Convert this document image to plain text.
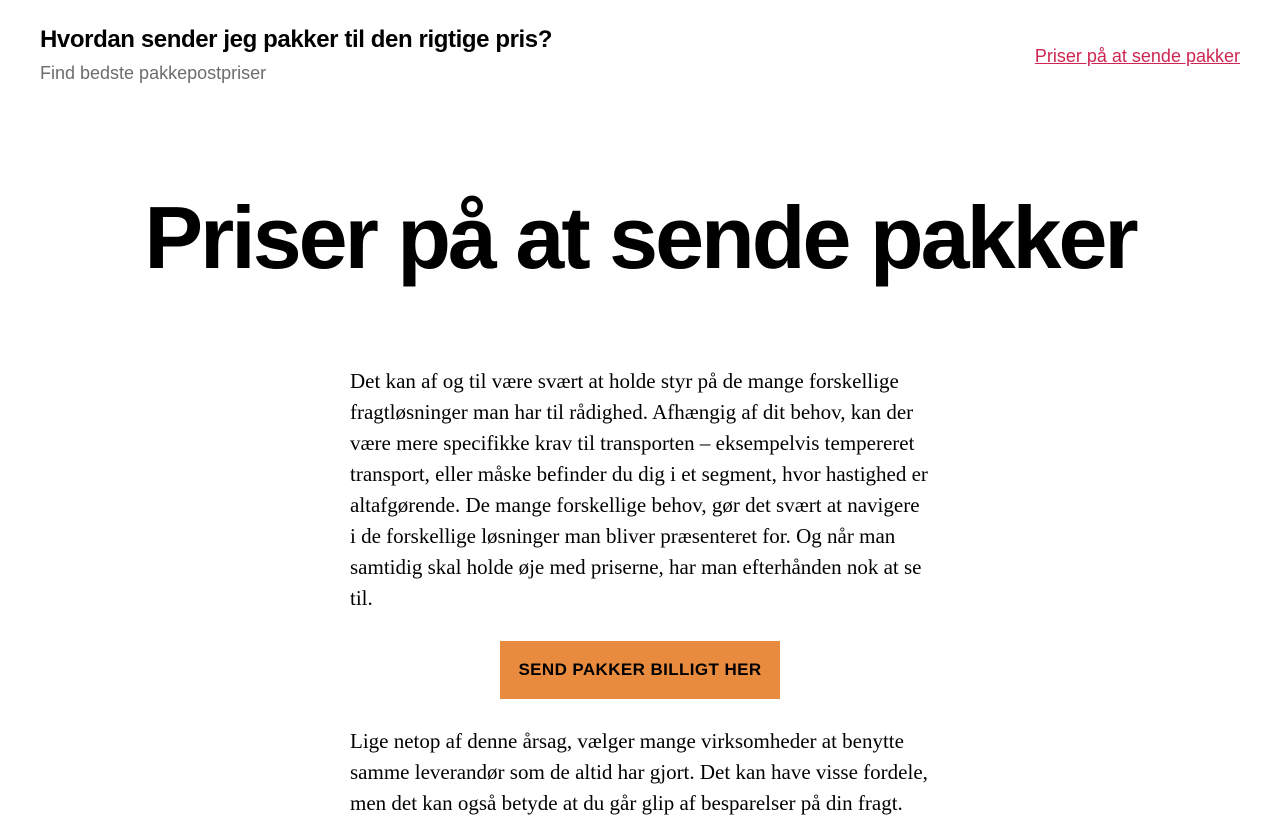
Hvordan sender jeg pakker til den rigtige pris?

Find bedste pakkepostpriser

Priser på at sende pakker
Priser på at sende pakker

Det kan af og til være svært at holde styr på de mange forskellige fragtløsninger man har til rådighed. Afhængig af dit behov, kan der være mere specifikke krav til transporten – eksempelvis tempereret transport, eller måske befinder du dig i et segment, hvor hastighed er altafgørende. De mange forskellige behov, gør det svært at navigere i de forskellige løsninger man bliver præsenteret for. Og når man samtidig skal holde øje med priserne, har man efterhånden nok at se til.

SEND PAKKER BILLIGT HER

Lige netop af denne årsag, vælger mange virksomheder at benytte samme leverandør som de altid har gjort. Det kan have visse fordele, men det kan også betyde at du går glip af besparelser på din fragt.
